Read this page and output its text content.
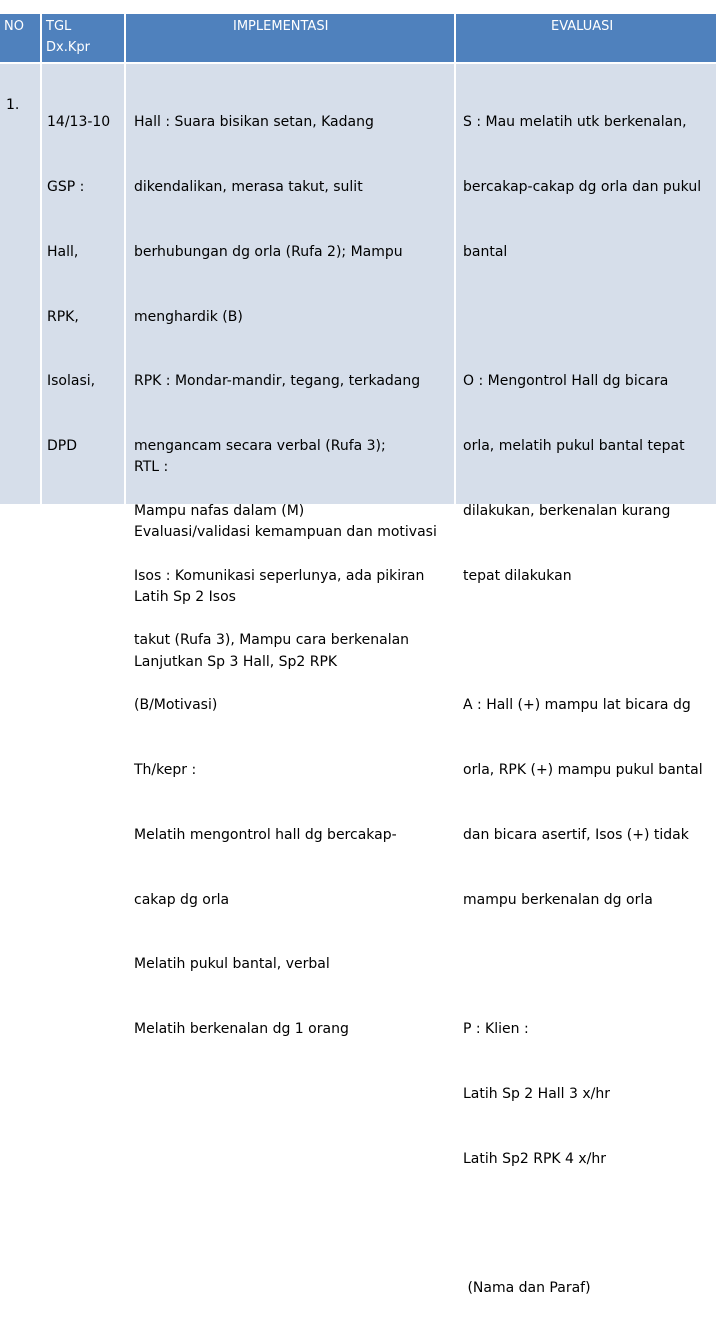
NO TGL
Dx.Kpr
IMPLEMENTASI	EVALUASI
1.

14/13-10

GSP :

Hall,

RPK,

Isolasi,

DPD

Hall : Suara bisikan setan, Kadang

dikendalikan, merasa takut, sulit

berhubungan dg orla (Rufa 2); Mampu

menghardik (B)

RPK : Mondar-mandir, tegang, terkadang

mengancam secara verbal (Rufa 3);

Mampu nafas dalam (M)

Isos : Komunikasi seperlunya, ada pikiran

takut (Rufa 3), Mampu cara berkenalan

(B/Motivasi)

Th/kepr :

Melatih mengontrol hall dg bercakap-

cakap dg orla

Melatih pukul bantal, verbal

Melatih berkenalan dg 1 orang

RTL :

Evaluasi/validasi kemampuan dan motivasi

Latih Sp 2 Isos

Lanjutkan Sp 3 Hall, Sp2 RPK

S : Mau melatih utk berkenalan,

bercakap-cakap dg orla dan pukul

bantal

O : Mengontrol Hall dg bicara

orla, melatih pukul bantal tepat

dilakukan, berkenalan kurang

tepat dilakukan

A : Hall (+) mampu lat bicara dg

orla, RPK (+) mampu pukul bantal

dan bicara asertif, Isos (+) tidak

mampu berkenalan dg orla

P : Klien :

Latih Sp 2 Hall 3 x/hr

Latih Sp2 RPK 4 x/hr

(Nama dan Paraf)
